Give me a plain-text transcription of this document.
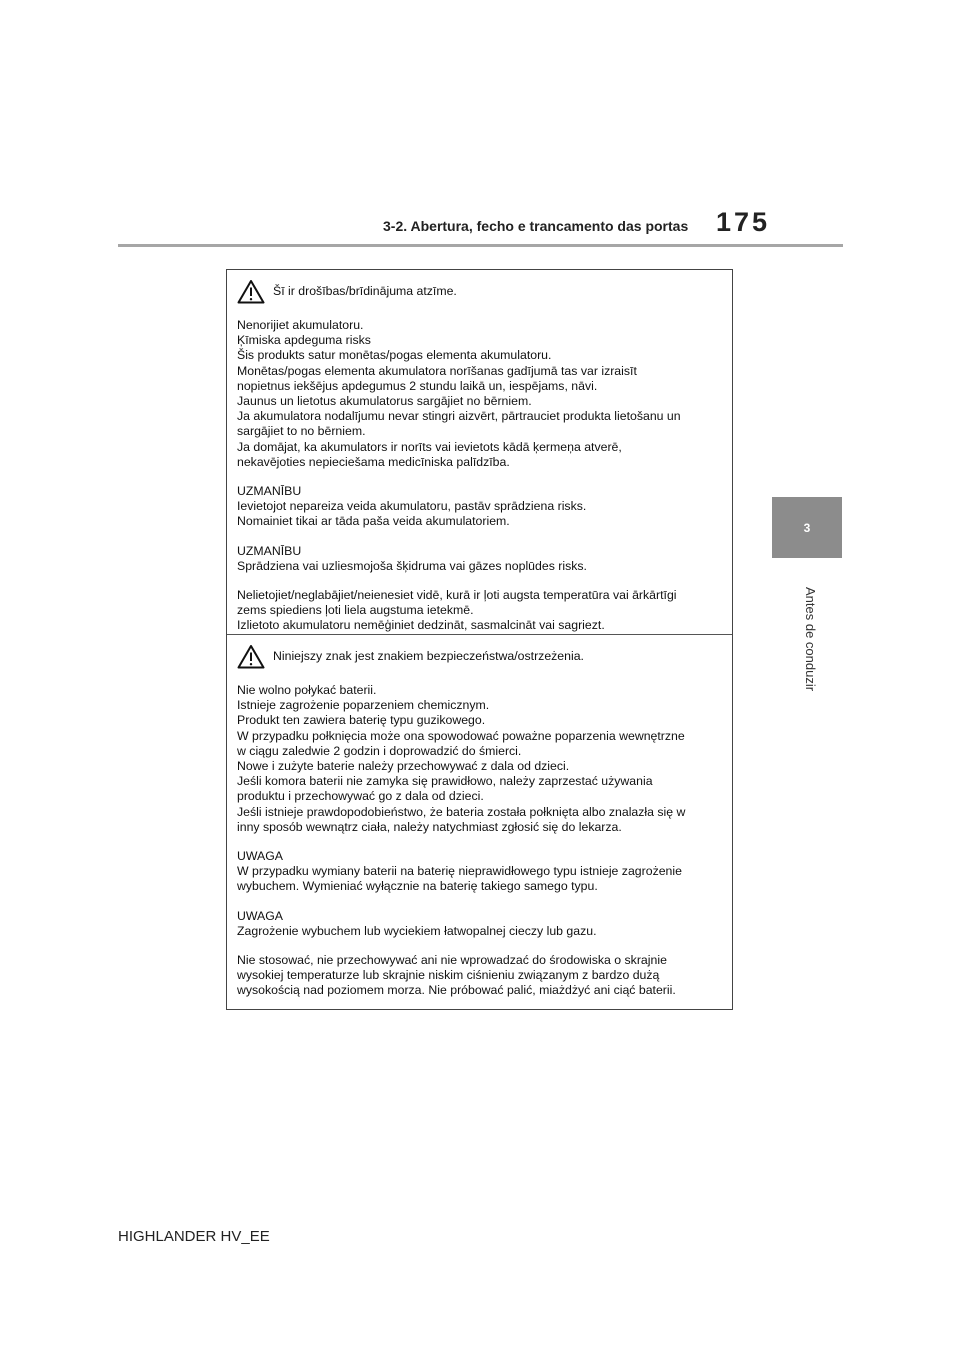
3-2. Abertura, fecho e trancamento das portas 175
3
Antes de conduzir
Šī ir drošības/brīdinājuma atzīme.
Nenorijiet akumulatoru.
Ķīmiska apdeguma risks
Šis produkts satur monētas/pogas elementa akumulatoru.
Monētas/pogas elementa akumulatora norīšanas gadījumā tas var izraisīt
nopietnus iekšējus apdegumus 2 stundu laikā un, iespējams, nāvi.
Jaunus un lietotus akumulatorus sargājiet no bērniem.
Ja akumulatora nodalījumu nevar stingri aizvērt, pārtrauciet produkta lietošanu un
sargājiet to no bērniem.
Ja domājat, ka akumulators ir norīts vai ievietots kādā ķermeņa atverē,
nekavējoties nepieciešama medicīniska palīdzība.
UZMANĪBU
Ievietojot nepareiza veida akumulatoru, pastāv sprādziena risks.
Nomainiet tikai ar tāda paša veida akumulatoriem.
UZMANĪBU
Sprādziena vai uzliesmojoša šķidruma vai gāzes noplūdes risks.
Nelietojiet/neglabājiet/neienesiet vidē, kurā ir ļoti augsta temperatūra vai ārkārtīgi
zems spiediens ļoti liela augstuma ietekmē.
Izlietoto akumulatoru nemēģiniet dedzināt, sasmalcināt vai sagriezt.
Niniejszy znak jest znakiem bezpieczeństwa/ostrzeżenia.
Nie wolno połykać baterii.
Istnieje zagrożenie poparzeniem chemicznym.
Produkt ten zawiera baterię typu guzikowego.
W przypadku połknięcia może ona spowodować poważne poparzenia wewnętrzne
w ciągu zaledwie 2 godzin i doprowadzić do śmierci.
Nowe i zużyte baterie należy przechowywać z dala od dzieci.
Jeśli komora baterii nie zamyka się prawidłowo, należy zaprzestać używania
produktu i przechowywać go z dala od dzieci.
Jeśli istnieje prawdopodobieństwo, że bateria została połknięta albo znalazła się w
inny sposób wewnątrz ciała, należy natychmiast zgłosić się do lekarza.
UWAGA
W przypadku wymiany baterii na baterię nieprawidłowego typu istnieje zagrożenie
wybuchem. Wymieniać wyłącznie na baterię takiego samego typu.
UWAGA
Zagrożenie wybuchem lub wyciekiem łatwopalnej cieczy lub gazu.
Nie stosować, nie przechowywać ani nie wprowadzać do środowiska o skrajnie
wysokiej temperaturze lub skrajnie niskim ciśnieniu związanym z bardzo dużą
wysokością nad poziomem morza. Nie próbować palić, miażdżyć ani ciąć baterii.
HIGHLANDER HV_EE
